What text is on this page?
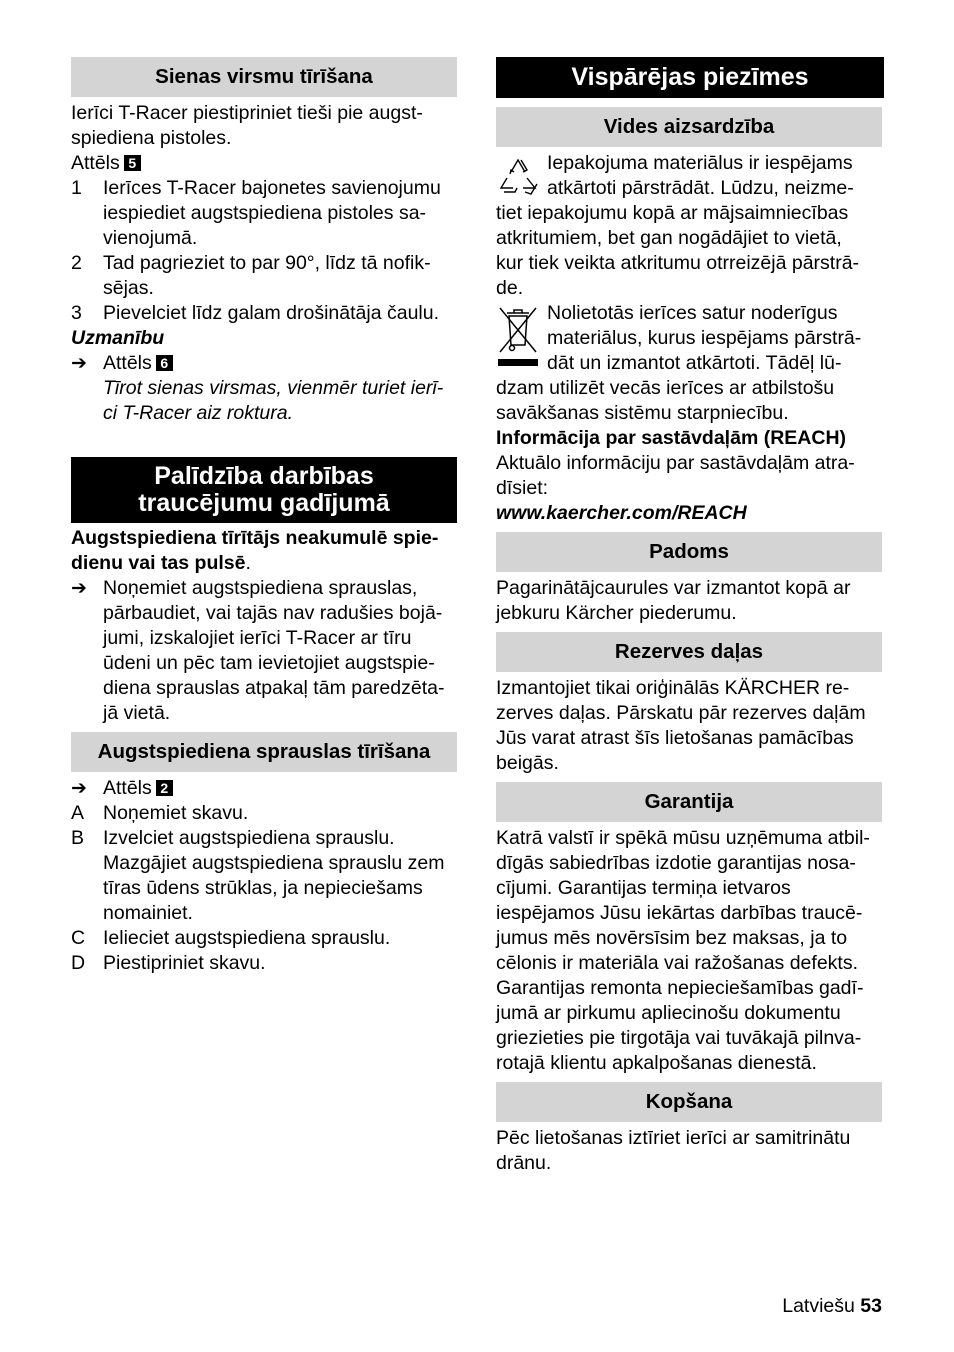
Sienas virsmu tīrīšana
Ierīci T-Racer piestipriniet tieši pie augst-
spiediena pistoles.
Attēls 5
1 Ierīces T-Racer bajonetes savienojumu
iespiediet augstspiediena pistoles sa-
vienojumā.
2 Tad pagrieziet to par 90°, līdz tā nofik-
sējas.
3 Pievelciet līdz galam drošinātāja čaulu.
Uzmanību
➔ Attēls 6
Tīrot sienas virsmas, vienmēr turiet ierī-
ci T-Racer aiz roktura.
Palīdzība darbības
traucējumu gadījumā
Augstspiediena tīrītājs neakumulē spie-
dienu vai tas pulsē.
➔ Noņemiet augstspiediena sprauslas,
pārbaudiet, vai tajās nav radušies bojā-
jumi, izskalojiet ierīci T-Racer ar tīru
ūdeni un pēc tam ievietojiet augstspie-
diena sprauslas atpakaļ tām paredzēta-
jā vietā.
Augstspiediena sprauslas tīrīšana
➔ Attēls 2
A Noņemiet skavu.
B Izvelciet augstspiediena sprauslu.
Mazgājiet augstspiediena sprauslu zem
tīras ūdens strūklas, ja nepieciešams
nomainiet.
C Ielieciet augstspiediena sprauslu.
D Piestipriniet skavu.
Vispārējas piezīmes
Vides aizsardzība
Iepakojuma materiālus ir iespējams
atkārtoti pārstrādāt. Lūdzu, neizme-
tiet iepakojumu kopā ar mājsaimniecības
atkritumiem, bet gan nogādājiet to vietā,
kur tiek veikta atkritumu otrreizējā pārstrā-
de.
Nolietotās ierīces satur noderīgus
materiālus, kurus iespējams pārstrā-
dāt un izmantot atkārtoti. Tādēļ lū-
dzam utilizēt vecās ierīces ar atbilstošu
savākšanas sistēmu starpniecību.
Informācija par sastāvdaļām (REACH)
Aktuālo informāciju par sastāvdaļām atra-
dīsiet:
www.kaercher.com/REACH
Padoms
Pagarinātājcaurules var izmantot kopā ar
jebkuru Kärcher piederumu.
Rezerves daļas
Izmantojiet tikai oriģinālās KÄRCHER re-
zerves daļas. Pārskatu pār rezerves daļām
Jūs varat atrast šīs lietošanas pamācības
beigās.
Garantija
Katrā valstī ir spēkā mūsu uzņēmuma atbil-
dīgās sabiedrības izdotie garantijas nosa-
cījumi. Garantijas termiņa ietvaros
iespējamos Jūsu iekārtas darbības traucē-
jumus mēs novērsīsim bez maksas, ja to
cēlonis ir materiāla vai ražošanas defekts.
Garantijas remonta nepieciešamības gadī-
jumā ar pirkumu apliecinošu dokumentu
griezieties pie tirgotāja vai tuvākajā pilnva-
rotajā klientu apkalpošanas dienestā.
Kopšana
Pēc lietošanas iztīriet ierīci ar samitrinātu
drānu.
Latviešu 53
